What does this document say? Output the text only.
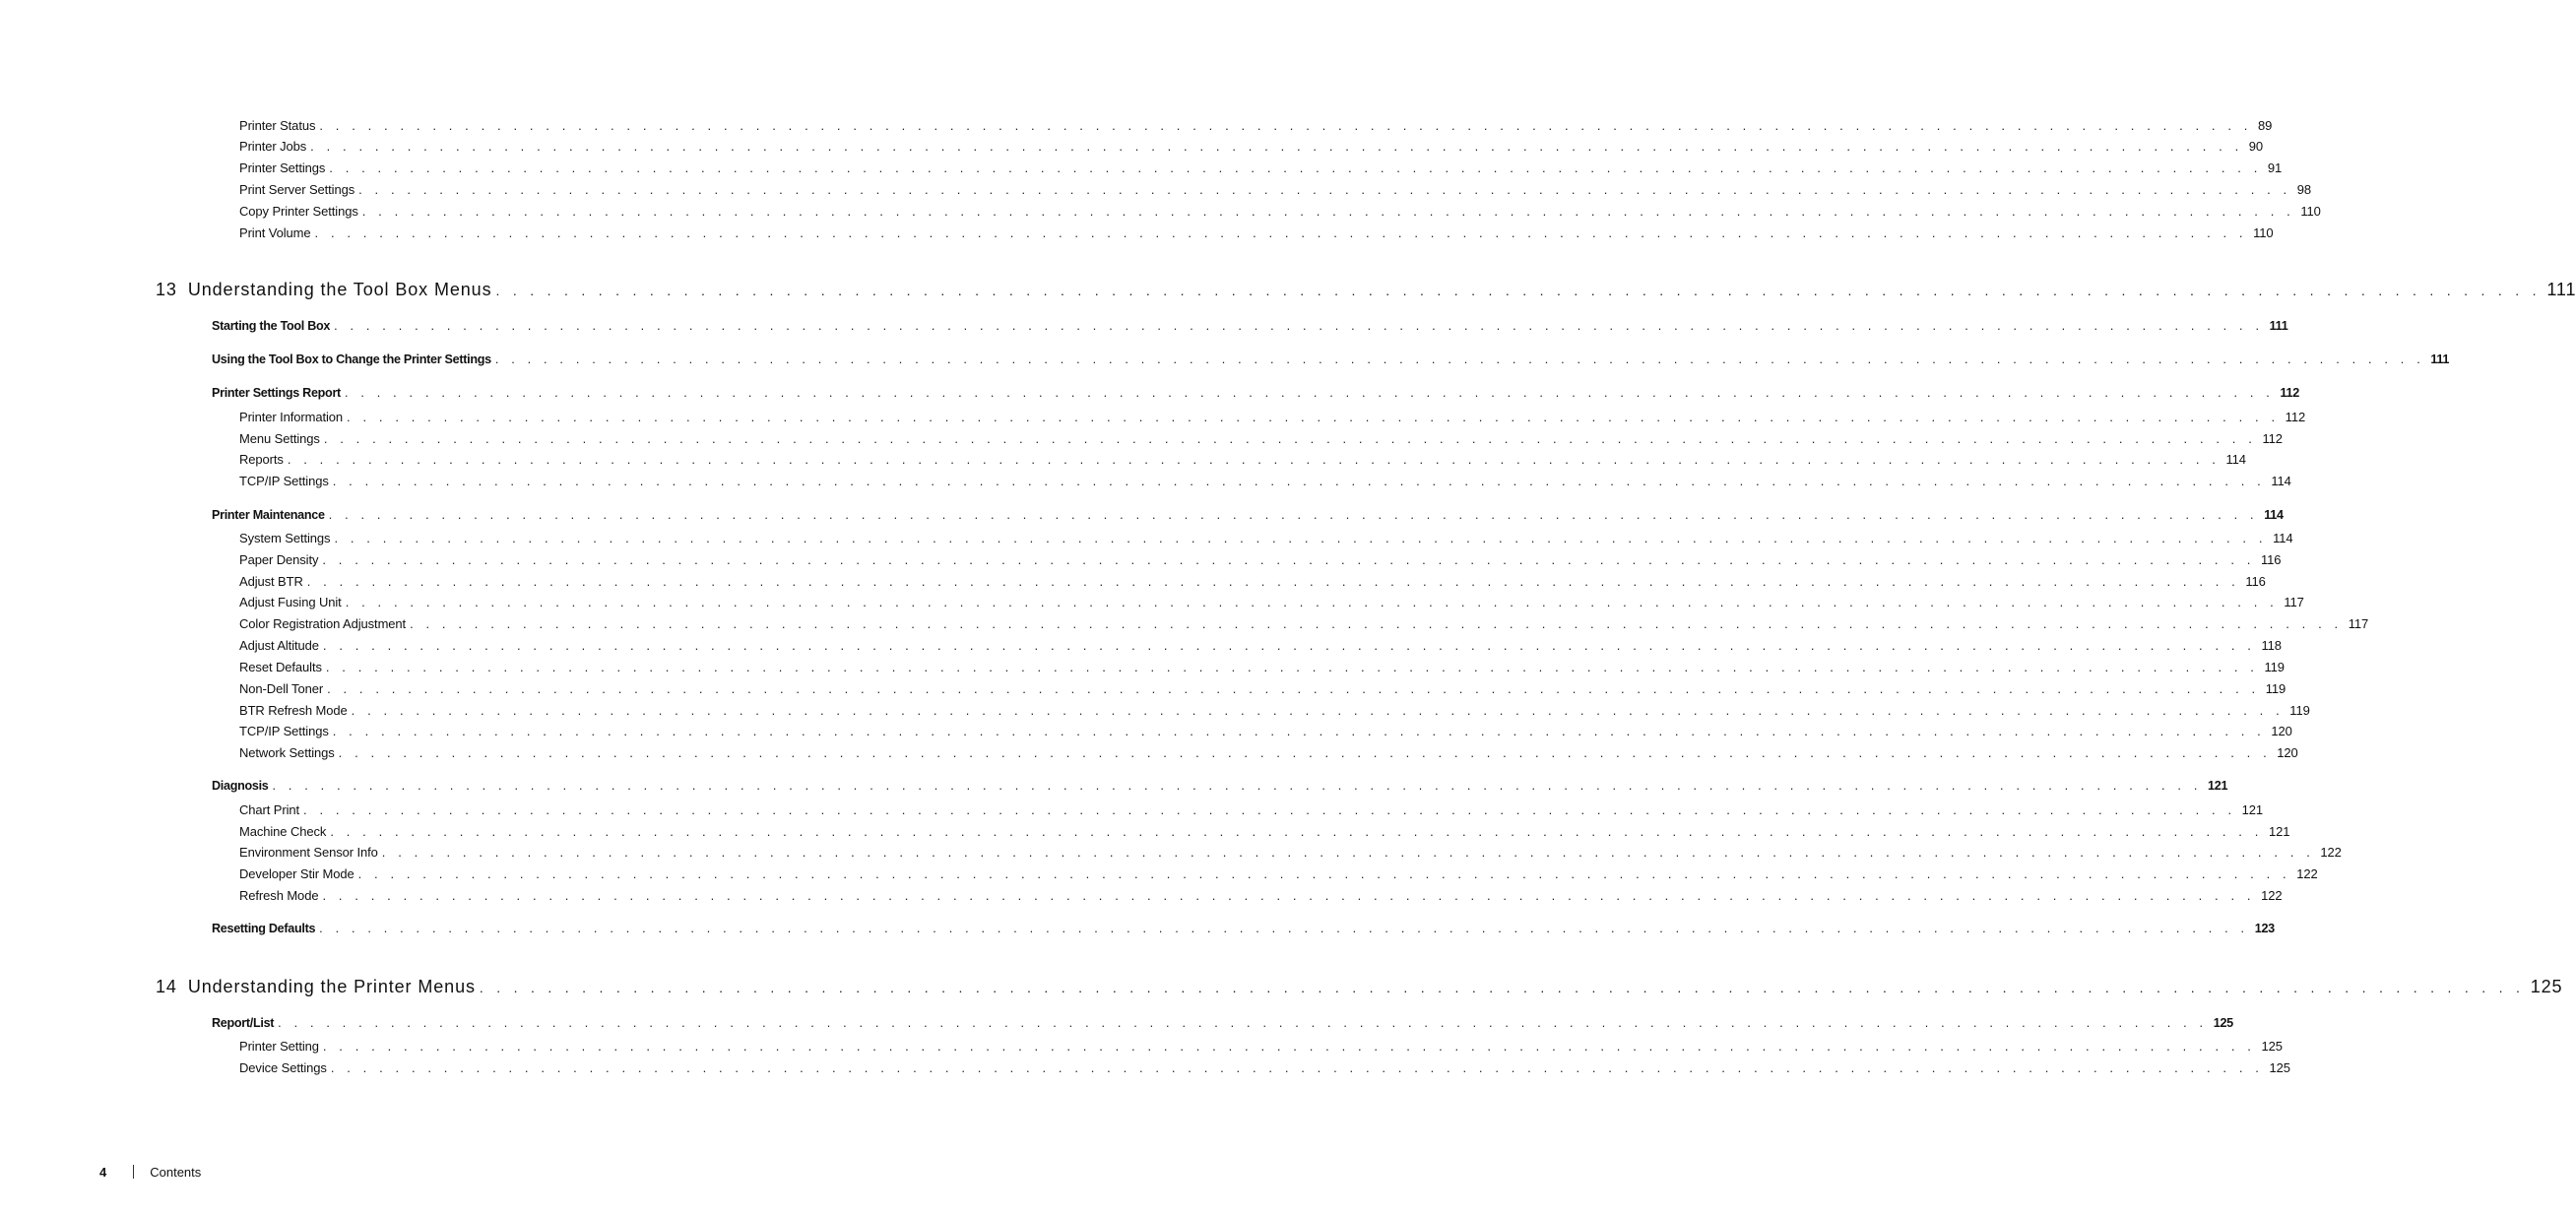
Printer Status . . . . . . . . . . . . . . . . . . . . . . . . . . . . . . . . . . . . . . . . . . . . . . . . . . . . . . . . . . . . . . . . . . . . . . . . . . . . . . . . . . . . . . . . . . . . . . . . . . . . . . . . . . . . . . . . . . . . . . . . 89
Printer Jobs . . . . . . . . . . . . . . . . . . . . . . . . . . . . . . . . . . . . . . . . . . . . . . . . . . . . . . . . . . . . . . . . . . . . . . . . . . . . . . . . . . . . . . . . . . . . . . . . . . . . . . . . . . . . . . . . . . . . . . . . 90
Printer Settings . . . . . . . . . . . . . . . . . . . . . . . . . . . . . . . . . . . . . . . . . . . . . . . . . . . . . . . . . . . . . . . . . . . . . . . . . . . . . . . . . . . . . . . . . . . . . . . . . . . . . . . . . . . . . . . . . . . . . . . . 91
Print Server Settings . . . . . . . . . . . . . . . . . . . . . . . . . . . . . . . . . . . . . . . . . . . . . . . . . . . . . . . . . . . . . . . . . . . . . . . . . . . . . . . . . . . . . . . . . . . . . . . . . . . . . . . . . . . . . . . . . . . . . . . . 98
Copy Printer Settings . . . . . . . . . . . . . . . . . . . . . . . . . . . . . . . . . . . . . . . . . . . . . . . . . . . . . . . . . . . . . . . . . . . . . . . . . . . . . . . . . . . . . . . . . . . . . . . . . . . . . . . . . . . . . . . . . . . . . . . . 110
Print Volume . . . . . . . . . . . . . . . . . . . . . . . . . . . . . . . . . . . . . . . . . . . . . . . . . . . . . . . . . . . . . . . . . . . . . . . . . . . . . . . . . . . . . . . . . . . . . . . . . . . . . . . . . . . . . . . . . . . . . . . . 110
13 Understanding the Tool Box Menus . . . . . . . . . . . . . . . . . . . . . . . . . . . . . . . . . . . . . . . . . . . . . . . . . . . . . . . . . . . . . . . . . . . . . . . . . . . . . . . . . . . . . . . . . . . . . . . . . . . . . . . . . . . . . . . . . . . . . . . . 111
Starting the Tool Box . . . . . . . . . . . . . . . . . . . . . . . . . . . . . . . . . . . . . . . . . . . . . . . . . . . . . . . . . . . . . . . . . . . . . . . . . . . . . . . . . . . . . . . . . . . . . . . . . . . . . . . . . . . . . . . . . . . . . . . . 111
Using the Tool Box to Change the Printer Settings . . . . . . . . . . . . . . . . . . . . . . . . . . . . . . . . . . . . . . . . . . . . . . . . . . . . . . . . . . . . . . . . . . . . . . . . . . . . . . . . . . . . . . . . . . . . . . . . . . . . . . . . . . . . . . . . . . . . . . . . 111
Printer Settings Report . . . . . . . . . . . . . . . . . . . . . . . . . . . . . . . . . . . . . . . . . . . . . . . . . . . . . . . . . . . . . . . . . . . . . . . . . . . . . . . . . . . . . . . . . . . . . . . . . . . . . . . . . . . . . . . . . . . . . . . . 112
Printer Information . . . . . . . . . . . . . . . . . . . . . . . . . . . . . . . . . . . . . . . . . . . . . . . . . . . . . . . . . . . . . . . . . . . . . . . . . . . . . . . . . . . . . . . . . . . . . . . . . . . . . . . . . . . . . . . . . . . . . . . . 112
Menu Settings . . . . . . . . . . . . . . . . . . . . . . . . . . . . . . . . . . . . . . . . . . . . . . . . . . . . . . . . . . . . . . . . . . . . . . . . . . . . . . . . . . . . . . . . . . . . . . . . . . . . . . . . . . . . . . . . . . . . . . . . 112
Reports . . . . . . . . . . . . . . . . . . . . . . . . . . . . . . . . . . . . . . . . . . . . . . . . . . . . . . . . . . . . . . . . . . . . . . . . . . . . . . . . . . . . . . . . . . . . . . . . . . . . . . . . . . . . . . . . . . . . . . . . 114
TCP/IP Settings . . . . . . . . . . . . . . . . . . . . . . . . . . . . . . . . . . . . . . . . . . . . . . . . . . . . . . . . . . . . . . . . . . . . . . . . . . . . . . . . . . . . . . . . . . . . . . . . . . . . . . . . . . . . . . . . . . . . . . . . 114
Printer Maintenance . . . . . . . . . . . . . . . . . . . . . . . . . . . . . . . . . . . . . . . . . . . . . . . . . . . . . . . . . . . . . . . . . . . . . . . . . . . . . . . . . . . . . . . . . . . . . . . . . . . . . . . . . . . . . . . . . . . . . . . . 114
System Settings . . . . . . . . . . . . . . . . . . . . . . . . . . . . . . . . . . . . . . . . . . . . . . . . . . . . . . . . . . . . . . . . . . . . . . . . . . . . . . . . . . . . . . . . . . . . . . . . . . . . . . . . . . . . . . . . . . . . . . . . 114
Paper Density . . . . . . . . . . . . . . . . . . . . . . . . . . . . . . . . . . . . . . . . . . . . . . . . . . . . . . . . . . . . . . . . . . . . . . . . . . . . . . . . . . . . . . . . . . . . . . . . . . . . . . . . . . . . . . . . . . . . . . . . 116
Adjust BTR . . . . . . . . . . . . . . . . . . . . . . . . . . . . . . . . . . . . . . . . . . . . . . . . . . . . . . . . . . . . . . . . . . . . . . . . . . . . . . . . . . . . . . . . . . . . . . . . . . . . . . . . . . . . . . . . . . . . . . . . 116
Adjust Fusing Unit . . . . . . . . . . . . . . . . . . . . . . . . . . . . . . . . . . . . . . . . . . . . . . . . . . . . . . . . . . . . . . . . . . . . . . . . . . . . . . . . . . . . . . . . . . . . . . . . . . . . . . . . . . . . . . . . . . . . . . . . 117
Color Registration Adjustment . . . . . . . . . . . . . . . . . . . . . . . . . . . . . . . . . . . . . . . . . . . . . . . . . . . . . . . . . . . . . . . . . . . . . . . . . . . . . . . . . . . . . . . . . . . . . . . . . . . . . . . . . . . . . . . . . . . . . . . . 117
Adjust Altitude . . . . . . . . . . . . . . . . . . . . . . . . . . . . . . . . . . . . . . . . . . . . . . . . . . . . . . . . . . . . . . . . . . . . . . . . . . . . . . . . . . . . . . . . . . . . . . . . . . . . . . . . . . . . . . . . . . . . . . . . 118
Reset Defaults . . . . . . . . . . . . . . . . . . . . . . . . . . . . . . . . . . . . . . . . . . . . . . . . . . . . . . . . . . . . . . . . . . . . . . . . . . . . . . . . . . . . . . . . . . . . . . . . . . . . . . . . . . . . . . . . . . . . . . . . 119
Non-Dell Toner . . . . . . . . . . . . . . . . . . . . . . . . . . . . . . . . . . . . . . . . . . . . . . . . . . . . . . . . . . . . . . . . . . . . . . . . . . . . . . . . . . . . . . . . . . . . . . . . . . . . . . . . . . . . . . . . . . . . . . . . 119
BTR Refresh Mode . . . . . . . . . . . . . . . . . . . . . . . . . . . . . . . . . . . . . . . . . . . . . . . . . . . . . . . . . . . . . . . . . . . . . . . . . . . . . . . . . . . . . . . . . . . . . . . . . . . . . . . . . . . . . . . . . . . . . . . . 119
TCP/IP Settings . . . . . . . . . . . . . . . . . . . . . . . . . . . . . . . . . . . . . . . . . . . . . . . . . . . . . . . . . . . . . . . . . . . . . . . . . . . . . . . . . . . . . . . . . . . . . . . . . . . . . . . . . . . . . . . . . . . . . . . . 120
Network Settings . . . . . . . . . . . . . . . . . . . . . . . . . . . . . . . . . . . . . . . . . . . . . . . . . . . . . . . . . . . . . . . . . . . . . . . . . . . . . . . . . . . . . . . . . . . . . . . . . . . . . . . . . . . . . . . . . . . . . . . . 120
Diagnosis . . . . . . . . . . . . . . . . . . . . . . . . . . . . . . . . . . . . . . . . . . . . . . . . . . . . . . . . . . . . . . . . . . . . . . . . . . . . . . . . . . . . . . . . . . . . . . . . . . . . . . . . . . . . . . . . . . . . . . . . 121
Chart Print . . . . . . . . . . . . . . . . . . . . . . . . . . . . . . . . . . . . . . . . . . . . . . . . . . . . . . . . . . . . . . . . . . . . . . . . . . . . . . . . . . . . . . . . . . . . . . . . . . . . . . . . . . . . . . . . . . . . . . . . 121
Machine Check . . . . . . . . . . . . . . . . . . . . . . . . . . . . . . . . . . . . . . . . . . . . . . . . . . . . . . . . . . . . . . . . . . . . . . . . . . . . . . . . . . . . . . . . . . . . . . . . . . . . . . . . . . . . . . . . . . . . . . . . 121
Environment Sensor Info . . . . . . . . . . . . . . . . . . . . . . . . . . . . . . . . . . . . . . . . . . . . . . . . . . . . . . . . . . . . . . . . . . . . . . . . . . . . . . . . . . . . . . . . . . . . . . . . . . . . . . . . . . . . . . . . . . . . . . . . 122
Developer Stir Mode . . . . . . . . . . . . . . . . . . . . . . . . . . . . . . . . . . . . . . . . . . . . . . . . . . . . . . . . . . . . . . . . . . . . . . . . . . . . . . . . . . . . . . . . . . . . . . . . . . . . . . . . . . . . . . . . . . . . . . . . 122
Refresh Mode . . . . . . . . . . . . . . . . . . . . . . . . . . . . . . . . . . . . . . . . . . . . . . . . . . . . . . . . . . . . . . . . . . . . . . . . . . . . . . . . . . . . . . . . . . . . . . . . . . . . . . . . . . . . . . . . . . . . . . . . 122
Resetting Defaults . . . . . . . . . . . . . . . . . . . . . . . . . . . . . . . . . . . . . . . . . . . . . . . . . . . . . . . . . . . . . . . . . . . . . . . . . . . . . . . . . . . . . . . . . . . . . . . . . . . . . . . . . . . . . . . . . . . . . . . . 123
14 Understanding the Printer Menus . . . . . . . . . . . . . . . . . . . . . . . . . . . . . . . . . . . . . . . . . . . . . . . . . . . . . . . . . . . . . . . . . . . . . . . . . . . . . . . . . . . . . . . . . . . . . . . . . . . . . . . . . . . . . . . . . . . . . . . . 125
Report/List . . . . . . . . . . . . . . . . . . . . . . . . . . . . . . . . . . . . . . . . . . . . . . . . . . . . . . . . . . . . . . . . . . . . . . . . . . . . . . . . . . . . . . . . . . . . . . . . . . . . . . . . . . . . . . . . . . . . . . . . 125
Printer Setting . . . . . . . . . . . . . . . . . . . . . . . . . . . . . . . . . . . . . . . . . . . . . . . . . . . . . . . . . . . . . . . . . . . . . . . . . . . . . . . . . . . . . . . . . . . . . . . . . . . . . . . . . . . . . . . . . . . . . . . . 125
Device Settings . . . . . . . . . . . . . . . . . . . . . . . . . . . . . . . . . . . . . . . . . . . . . . . . . . . . . . . . . . . . . . . . . . . . . . . . . . . . . . . . . . . . . . . . . . . . . . . . . . . . . . . . . . . . . . . . . . . . . . . . 125
4	Contents
